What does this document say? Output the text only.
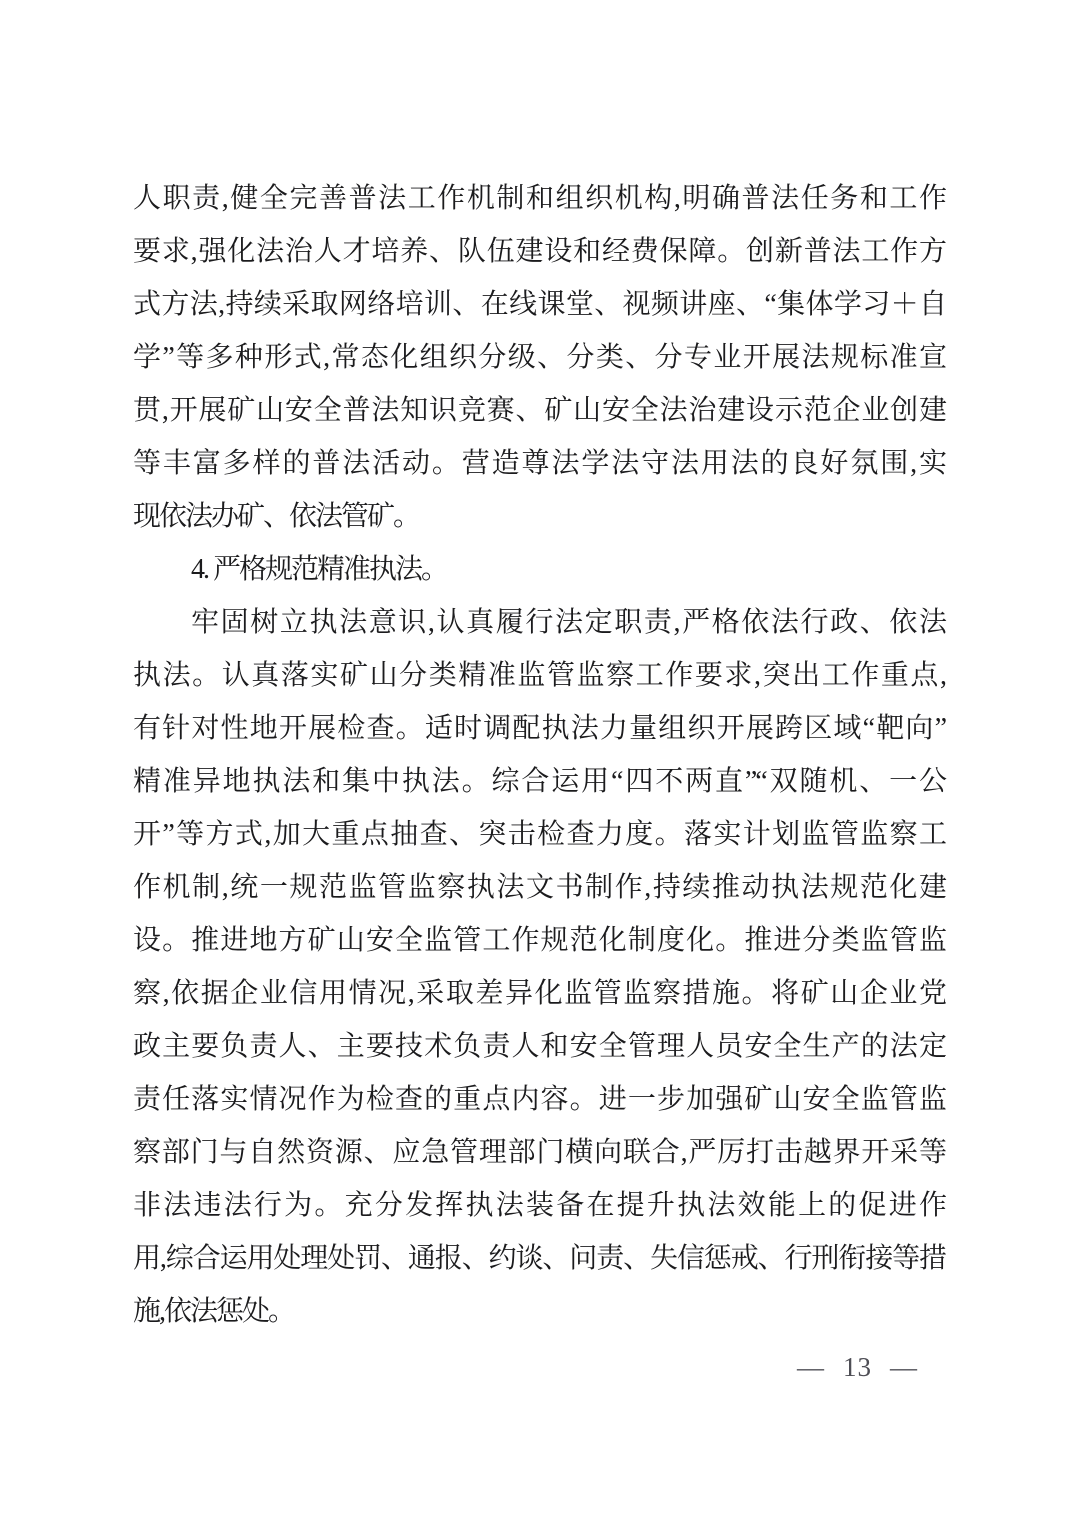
人职责,健全完善普法工作机制和组织机构,明确普法任务和工作
要求,强化法治人才培养、队伍建设和经费保障。创新普法工作方
式方法,持续采取网络培训、在线课堂、视频讲座、“集体学习＋自
学”等多种形式,常态化组织分级、分类、分专业开展法规标准宣
贯,开展矿山安全普法知识竞赛、矿山安全法治建设示范企业创建
等丰富多样的普法活动。营造尊法学法守法用法的良好氛围,实
现依法办矿、依法管矿。
4. 严格规范精准执法。
牢固树立执法意识,认真履行法定职责,严格依法行政、依法
执法。认真落实矿山分类精准监管监察工作要求,突出工作重点,
有针对性地开展检查。适时调配执法力量组织开展跨区域“靶向”
精准异地执法和集中执法。综合运用“四不两直”“双随机、一公
开”等方式,加大重点抽查、突击检查力度。落实计划监管监察工
作机制,统一规范监管监察执法文书制作,持续推动执法规范化建
设。推进地方矿山安全监管工作规范化制度化。推进分类监管监
察,依据企业信用情况,采取差异化监管监察措施。将矿山企业党
政主要负责人、主要技术负责人和安全管理人员安全生产的法定
责任落实情况作为检查的重点内容。进一步加强矿山安全监管监
察部门与自然资源、应急管理部门横向联合,严厉打击越界开采等
非法违法行为。充分发挥执法装备在提升执法效能上的促进作
用,综合运用处理处罚、通报、约谈、问责、失信惩戒、行刑衔接等措
施,依法惩处。
— 13 —
